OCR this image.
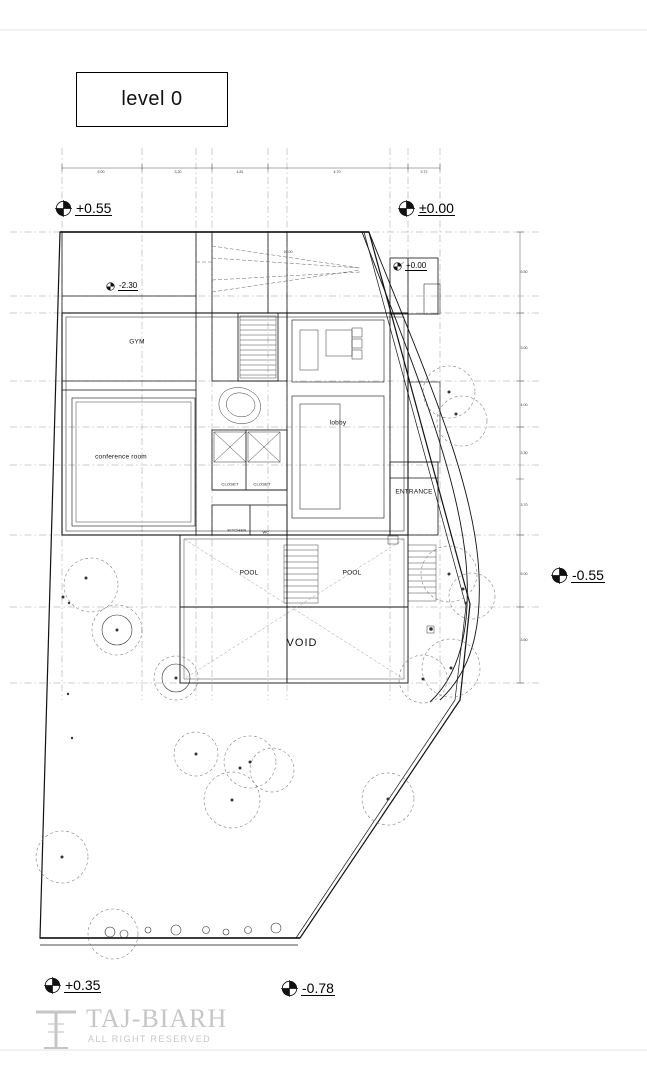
level 0
+0.55	±0.00
-0.55
+0.35	-0.78
-2.30
+0.00
GYM
conference room
lobby
ENTRANCE
CLOSET	CLOSET
KITCHEN	WC
POOL	POOL
VOID
5.00	3.30	4.81	4.70	3.72
5.50
3.00
4.00
3.30
3.70
5.00
3.60
10.00
TAJ-BIARH
ALL RIGHT RESERVED
